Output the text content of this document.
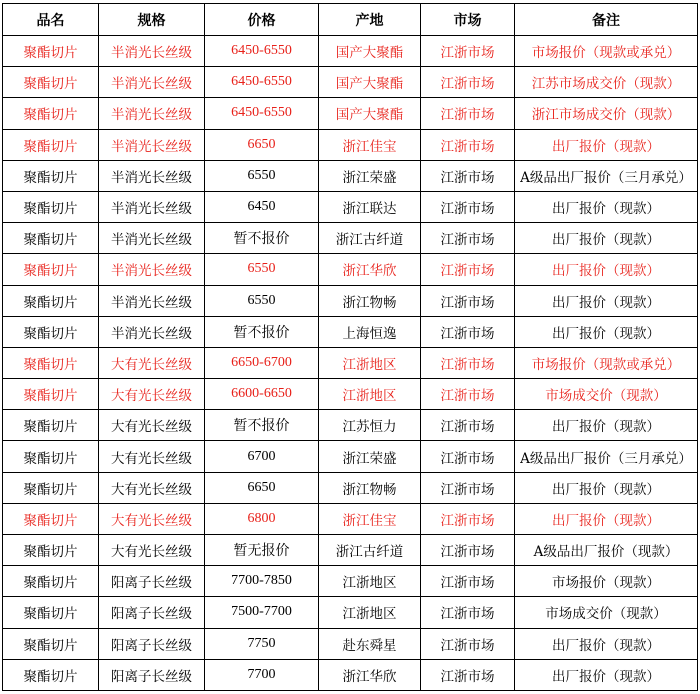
品名	规格	价格	产地	市场	备注
聚酯切片	半消光长丝级	6450-6550	国产大聚酯	江浙市场	市场报价（现款或承兑）
聚酯切片	半消光长丝级	6450-6550	国产大聚酯	江浙市场	江苏市场成交价（现款）
聚酯切片	半消光长丝级	6450-6550	国产大聚酯	江浙市场	浙江市场成交价（现款）
聚酯切片	半消光长丝级	6650	浙江佳宝	江浙市场	出厂报价（现款）
聚酯切片	半消光长丝级	6550	浙江荣盛	江浙市场	A级品出厂报价（三月承兑）
聚酯切片	半消光长丝级	6450	浙江联达	江浙市场	出厂报价（现款）
聚酯切片	半消光长丝级	暂不报价	浙江古纤道	江浙市场	出厂报价（现款）
聚酯切片	半消光长丝级	6550	浙江华欣	江浙市场	出厂报价（现款）
聚酯切片	半消光长丝级	6550	浙江物畅	江浙市场	出厂报价（现款）
聚酯切片	半消光长丝级	暂不报价	上海恒逸	江浙市场	出厂报价（现款）
聚酯切片	大有光长丝级	6650-6700	江浙地区	江浙市场	市场报价（现款或承兑）
聚酯切片	大有光长丝级	6600-6650	江浙地区	江浙市场	市场成交价（现款）
聚酯切片	大有光长丝级	暂不报价	江苏恒力	江浙市场	出厂报价（现款）
聚酯切片	大有光长丝级	6700	浙江荣盛	江浙市场	A级品出厂报价（三月承兑）
聚酯切片	大有光长丝级	6650	浙江物畅	江浙市场	出厂报价（现款）
聚酯切片	大有光长丝级	6800	浙江佳宝	江浙市场	出厂报价（现款）
聚酯切片	大有光长丝级	暂无报价	浙江古纤道	江浙市场	A级品出厂报价（现款）
聚酯切片	阳离子长丝级	7700-7850	江浙地区	江浙市场	市场报价（现款）
聚酯切片	阳离子长丝级	7500-7700	江浙地区	江浙市场	市场成交价（现款）
聚酯切片	阳离子长丝级	7750	赴东舜星	江浙市场	出厂报价（现款）
聚酯切片	阳离子长丝级	7700	浙江华欣	江浙市场	出厂报价（现款）
